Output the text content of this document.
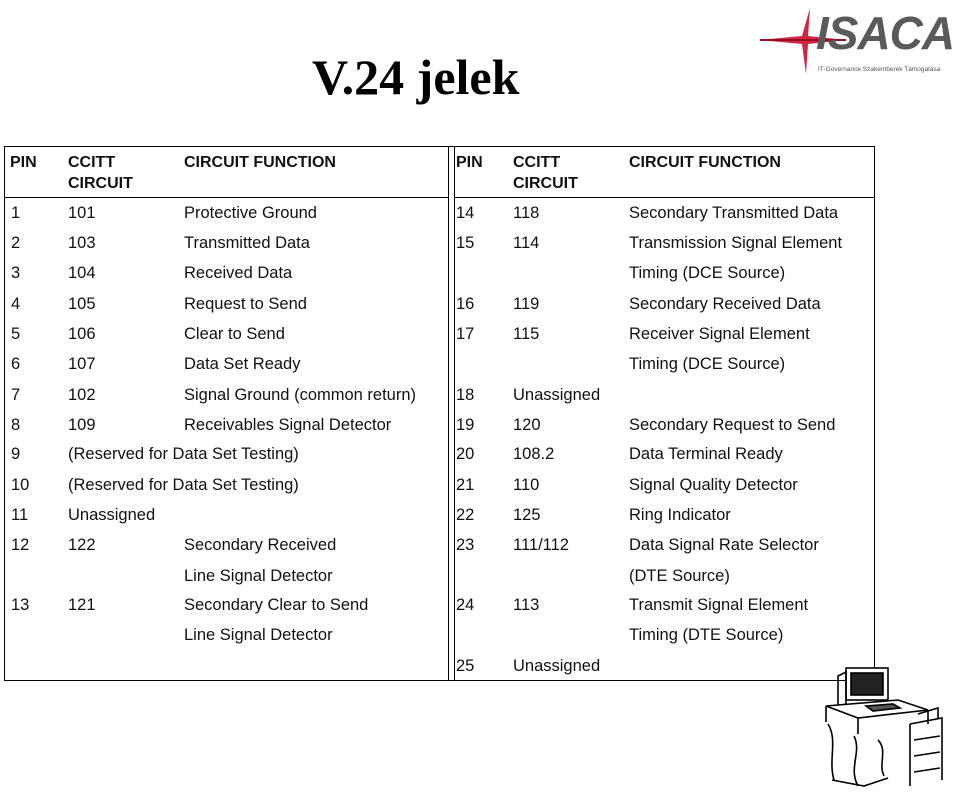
V.24 jelek
ISACA
IT-Governance Szakemberek Támogatása
PIN CCITT
CIRCUIT
CIRCUIT FUNCTION	PIN CCITT
CIRCUIT
CIRCUIT FUNCTION
1	101	Protective Ground
2	103	Transmitted Data
3	104	Received Data
4	105	Request to Send
5	106	Clear to Send
6	107	Data Set Ready
7	102	Signal Ground (common return)
8	109	Receivables Signal Detector
9	(Reserved for Data Set Testing)
10 (Reserved for Data Set Testing)
11 Unassigned
12 122	Secondary Received
Line Signal Detector
13 121	Secondary Clear to Send
Line Signal Detector
14 118	Secondary Transmitted Data
15 114	Transmission Signal Element
Timing (DCE Source)
16 119	Secondary Received Data
17 115	Receiver Signal Element
Timing (DCE Source)
18 Unassigned
19 120	Secondary Request to Send
20 108.2	Data Terminal Ready
21 110	Signal Quality Detector
22 125	Ring Indicator
23 111/112	Data Signal Rate Selector
(DTE Source)
24 113	Transmit Signal Element
Timing (DTE Source)
25 Unassigned
